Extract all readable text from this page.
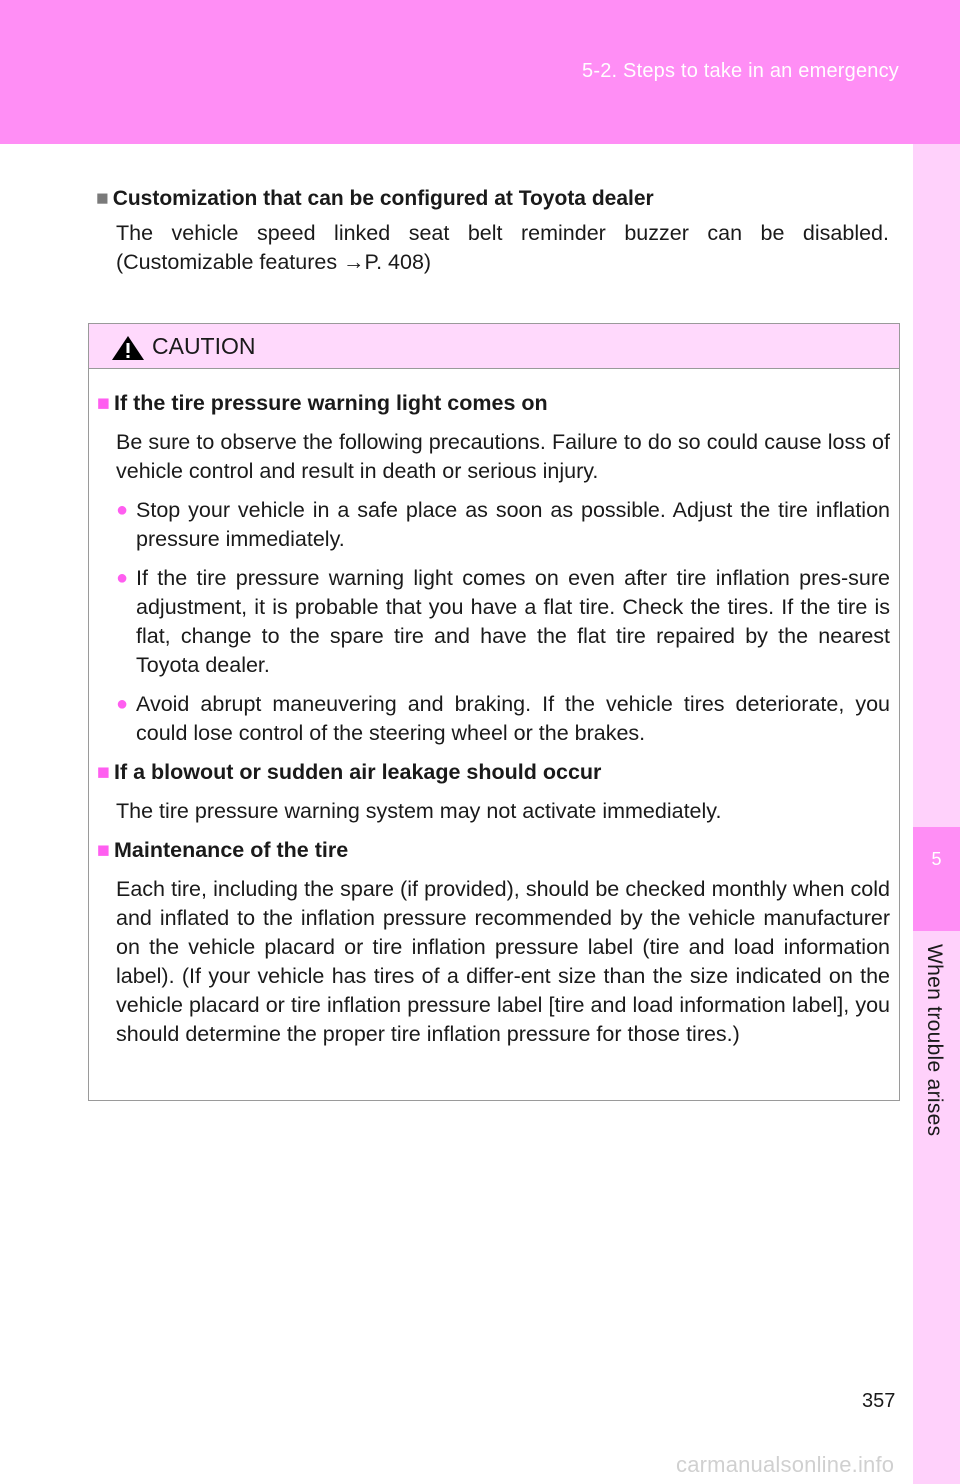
5-2. Steps to take in an emergency
5
When trouble arises
■ Customization that can be configured at Toyota dealer
The vehicle speed linked seat belt reminder buzzer can be disabled. (Customizable features →P. 408)
CAUTION
■ If the tire pressure warning light comes on
Be sure to observe the following precautions. Failure to do so could cause loss of vehicle control and result in death or serious injury.
● Stop your vehicle in a safe place as soon as possible. Adjust the tire inflation pressure immediately.
● If the tire pressure warning light comes on even after tire inflation pres-sure adjustment, it is probable that you have a flat tire. Check the tires. If the tire is flat, change to the spare tire and have the flat tire repaired by the nearest Toyota dealer.
● Avoid abrupt maneuvering and braking. If the vehicle tires deteriorate, you could lose control of the steering wheel or the brakes.
■ If a blowout or sudden air leakage should occur
The tire pressure warning system may not activate immediately.
■ Maintenance of the tire
Each tire, including the spare (if provided), should be checked monthly when cold and inflated to the inflation pressure recommended by the vehicle manufacturer on the vehicle placard or tire inflation pressure label (tire and load information label). (If your vehicle has tires of a differ-ent size than the size indicated on the vehicle placard or tire inflation pressure label [tire and load information label], you should determine the proper tire inflation pressure for those tires.)
357
carmanualsonline.info
